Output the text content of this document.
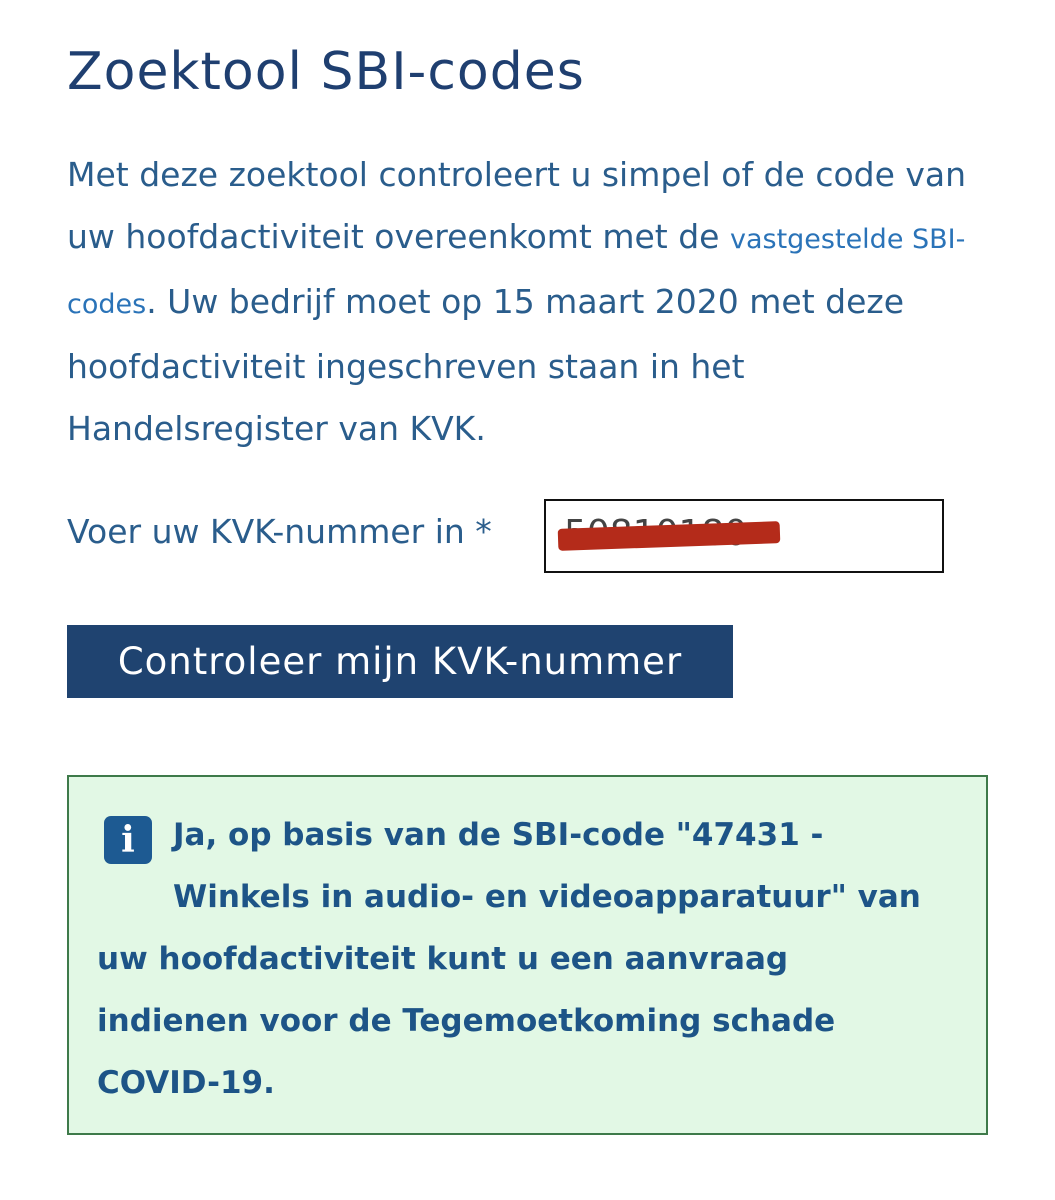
Zoektool SBI-codes

Met deze zoektool controleert u simpel of de code van uw hoofdactiviteit overeenkomt met de vastgestelde SBI-codes. Uw bedrijf moet op 15 maart 2020 met deze hoofdactiviteit ingeschreven staan in het Handelsregister van KVK.

Voer uw KVK-nummer in *
Controleer mijn KVK-nummer
i	Ja, op basis van de SBI-code "47431 -
Winkels in audio- en videoapparatuur" van
uw hoofdactiviteit kunt u een aanvraag
indienen voor de Tegemoetkoming schade
COVID-19.
